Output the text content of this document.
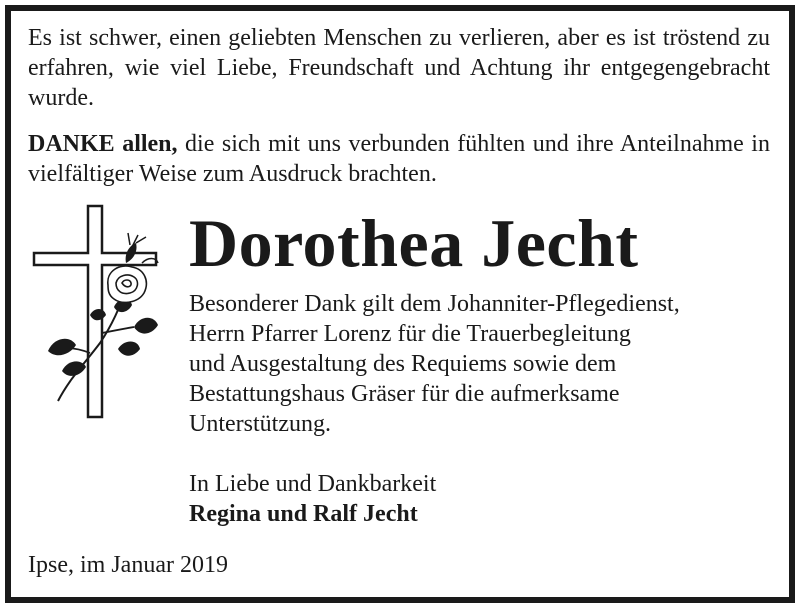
Es ist schwer, einen geliebten Menschen zu verlieren, aber es ist tröstend zu erfahren, wie viel Liebe, Freundschaft und Achtung ihr entgegengebracht wurde.
DANKE allen, die sich mit uns verbunden fühlten und ihre Anteilnahme in vielfältiger Weise zum Ausdruck brachten.
Dorothea Jecht
Besonderer Dank gilt dem Johanniter-Pflegedienst,
Herrn Pfarrer Lorenz für die Trauerbegleitung
und Ausgestaltung des Requiems sowie dem
Bestattungshaus Gräser für die aufmerksame
Unterstützung.
In Liebe und Dankbarkeit
Regina und Ralf Jecht
Ipse, im Januar 2019
